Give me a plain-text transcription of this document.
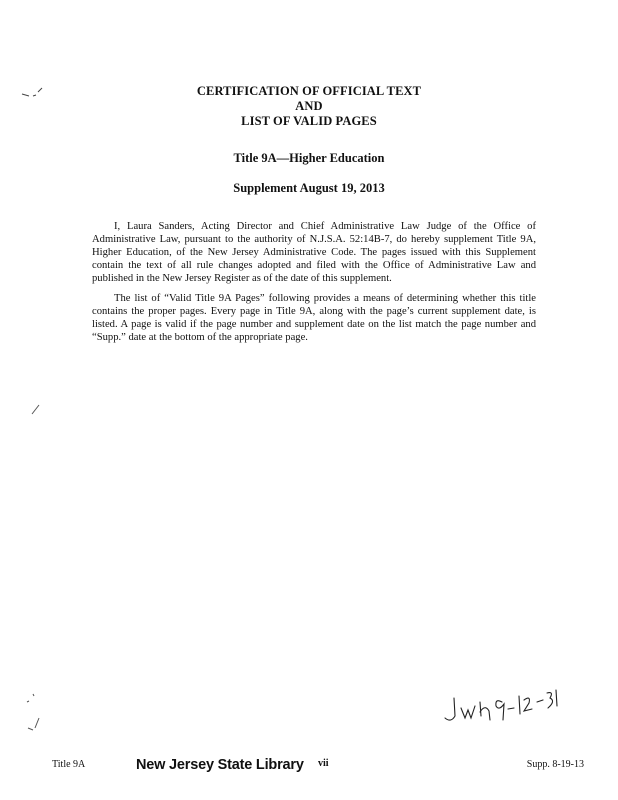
CERTIFICATION OF OFFICIAL TEXT
AND
LIST OF VALID PAGES
Title 9A—Higher Education
Supplement August 19, 2013

I, Laura Sanders, Acting Director and Chief Administrative Law Judge of the Office of Administrative Law, pursuant to the authority of N.J.S.A. 52:14B-7, do hereby supplement Title 9A, Higher Education, of the New Jersey Administrative Code. The pages issued with this Supplement contain the text of all rule changes adopted and filed with the Office of Administrative Law and published in the New Jersey Register as of the date of this supplement.

The list of “Valid Title 9A Pages” following provides a means of determining whether this title contains the proper pages. Every page in Title 9A, along with the page’s current supplement date, is listed. A page is valid if the page number and supplement date on the list match the page number and “Supp.” date at the bottom of the appropriate page.

Title 9A	New Jersey State Library vii	Supp. 8-19-13
